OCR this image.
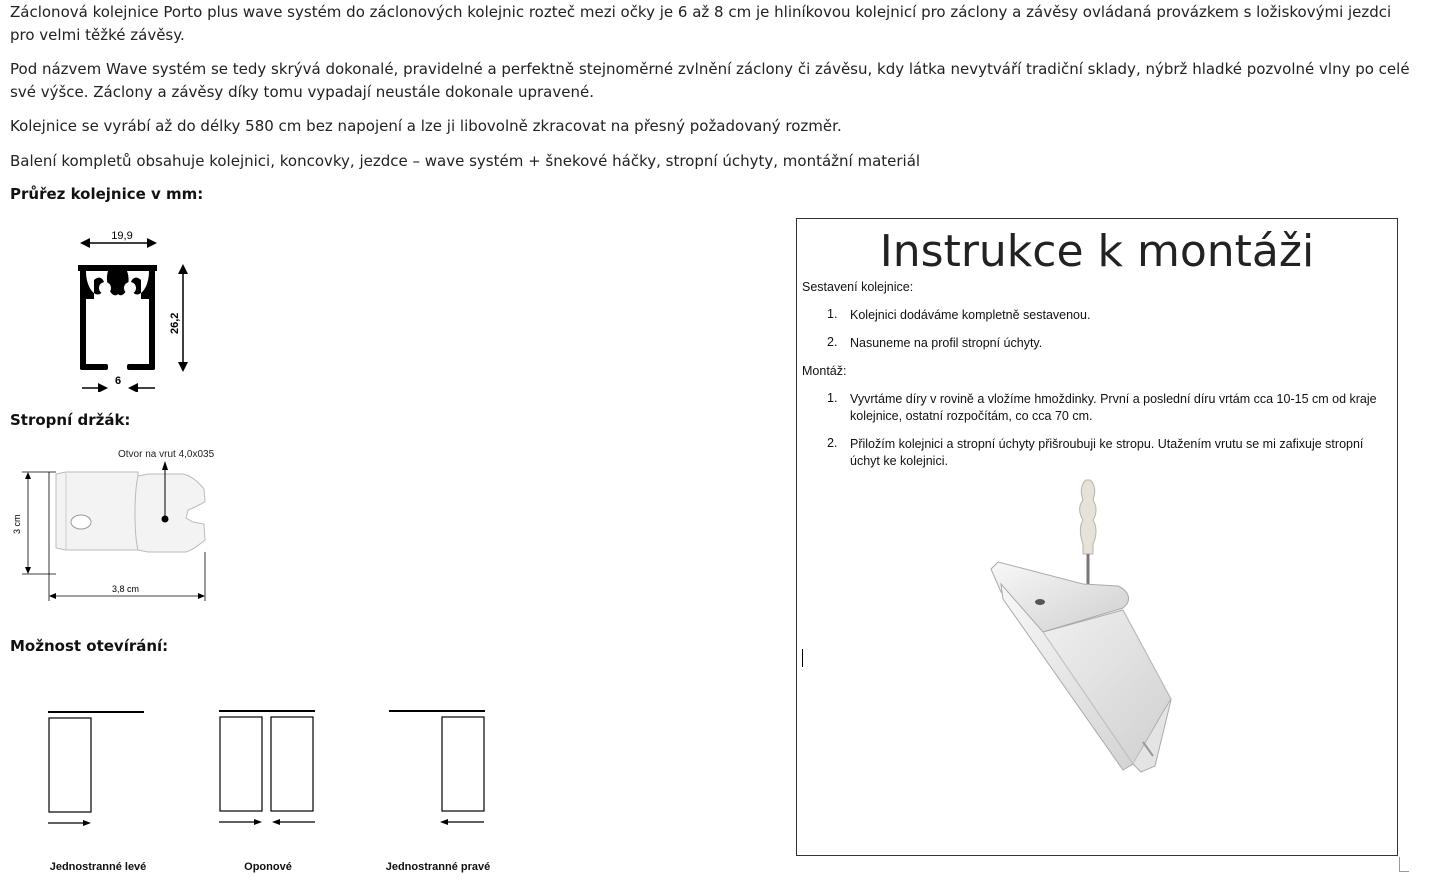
Záclonová kolejnice Porto plus wave systém do záclonových kolejnic rozteč mezi očky je 6 až 8 cm je hliníkovou kolejnicí pro záclony a závěsy ovládaná provázkem s ložiskovými jezdci pro velmi těžké závěsy.

Pod názvem Wave systém se tedy skrývá dokonalé, pravidelné a perfektně stejnoměrné zvlnění záclony či závěsu, kdy látka nevytváří tradiční sklady, nýbrž hladké pozvolné vlny po celé své výšce. Záclony a závěsy díky tomu vypadají neustále dokonale upravené.

Kolejnice se vyrábí až do délky 580 cm bez napojení a lze ji libovolně zkracovat na přesný požadovaný rozměr.

Balení kompletů obsahuje kolejnici, koncovky, jezdce – wave systém + šnekové háčky, stropní úchyty, montážní materiál

Průřez kolejnice v mm:

Stropní držák:

Možnost otevírání:

19,9
26,2
6
Otvor na vrut 4,0x035
3 cm
3,8 cm
Jednostranné levé	Oponové	Jednostranné pravé
Instrukce k montáži
Sestavení kolejnice:
1. Kolejnici dodáváme kompletně sestavenou.
2. Nasuneme na profil stropní úchyty.
Montáž:
1. Vyvrtáme díry v rovině a vložíme hmoždinky. První a poslední díru vrtám cca 10-15 cm od kraje kolejnice, ostatní rozpočítám, co cca 70 cm.
2. Přiložím kolejnici a stropní úchyty přišroubuji ke stropu. Utažením vrutu se mi zafixuje stropní úchyt ke kolejnici.
